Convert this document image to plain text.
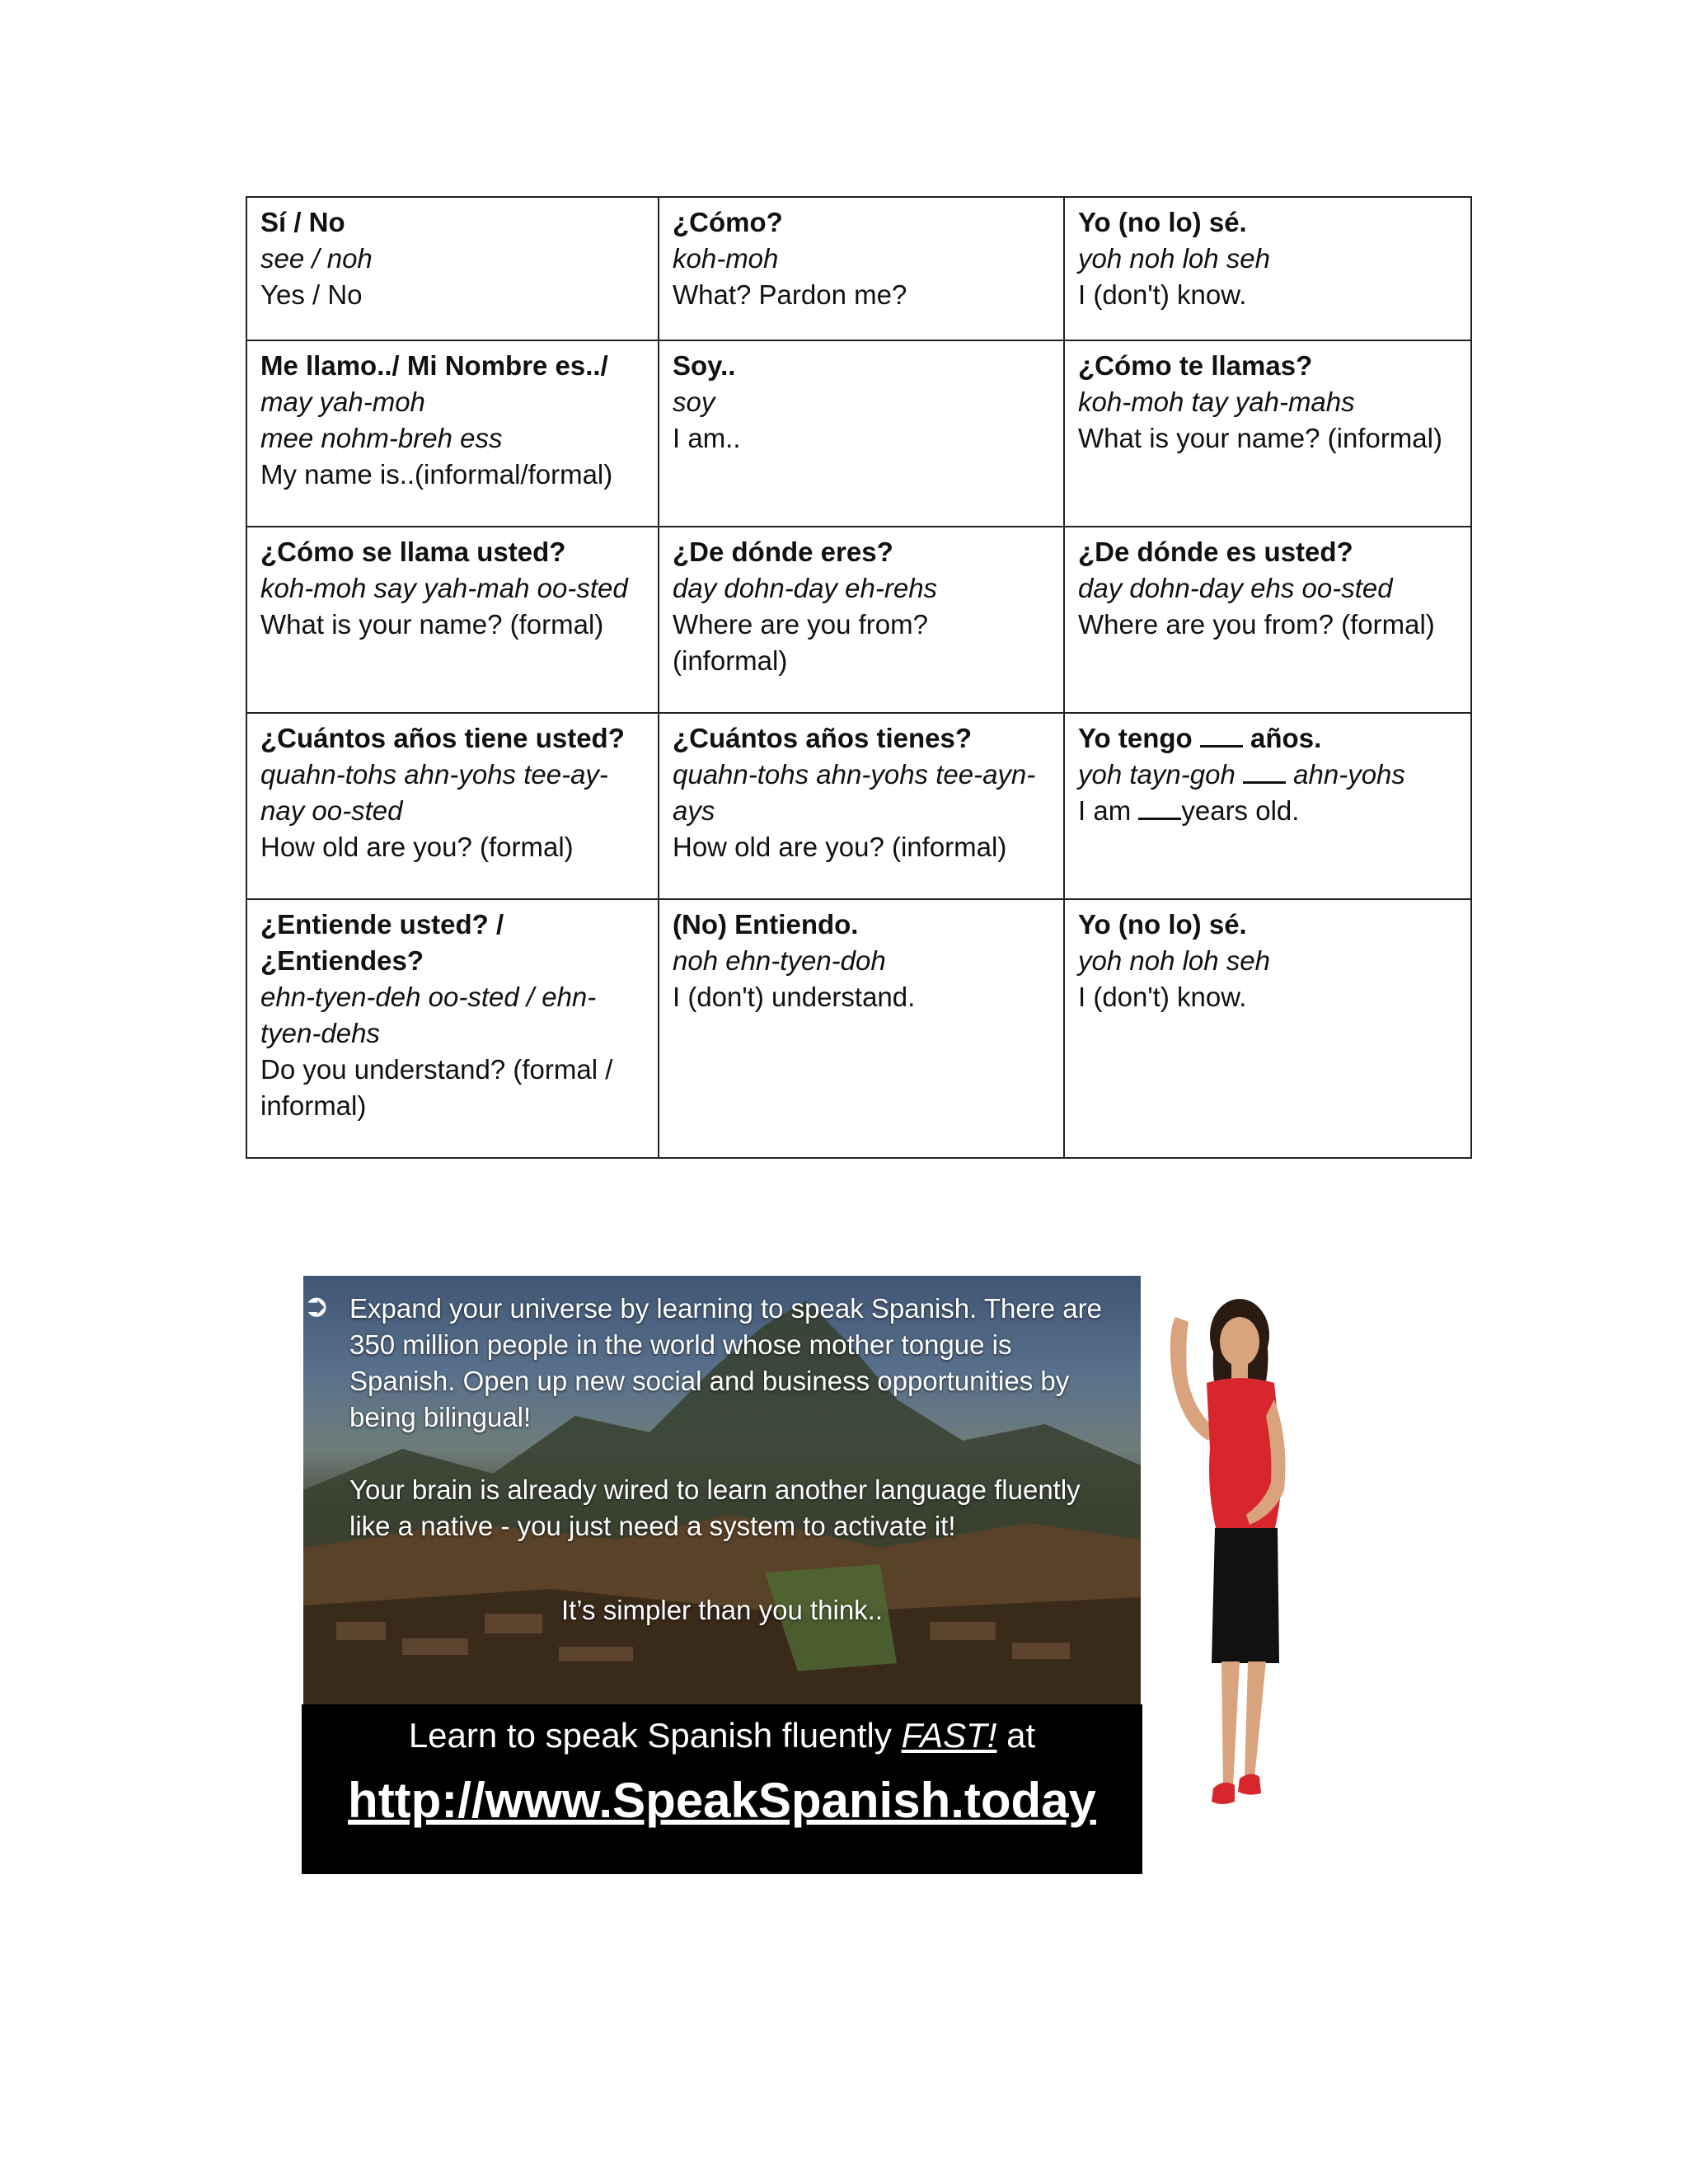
Sí / No
see / noh
Yes / No	¿Cómo?
koh-moh
What? Pardon me?	Yo (no lo) sé.
yoh noh loh seh
I (don't) know.

Me llamo../ Mi Nombre es../
may yah-moh
mee nohm-breh ess
My name is..(informal/formal)	Soy..
soy
I am..	¿Cómo te llamas?
koh-moh tay yah-mahs
What is your name? (informal)

¿Cómo se llama usted?
koh-moh say yah-mah oo-sted
What is your name? (formal)	¿De dónde eres?
day dohn-day eh-rehs
Where are you from? (informal)	¿De dónde es usted?
day dohn-day ehs oo-sted
Where are you from? (formal)

¿Cuántos años tiene usted?
quahn-tohs ahn-yohs tee-ay-nay oo-sted
How old are you? (formal)	¿Cuántos años tienes?
quahn-tohs ahn-yohs tee-ayn-ays
How old are you? (informal)	Yo tengo años.
yoh tayn-goh ahn-yohs
I am years old.

¿Entiende usted? / ¿Entiendes?
ehn-tyen-deh oo-sted / ehn-tyen-dehs
Do you understand? (formal / informal)	(No) Entiendo.
noh ehn-tyen-doh
I (don't) understand.	Yo (no lo) sé.
yoh noh loh seh
I (don't) know.
➲ Expand your universe by learning to speak Spanish. There are 350 million people in the world whose mother tongue is Spanish. Open up new social and business opportunities by being bilingual!

Your brain is already wired to learn another language fluently like a native - you just need a system to activate it!

It’s simpler than you think..
Learn to speak Spanish fluently FAST! at
http://www.SpeakSpanish.today
